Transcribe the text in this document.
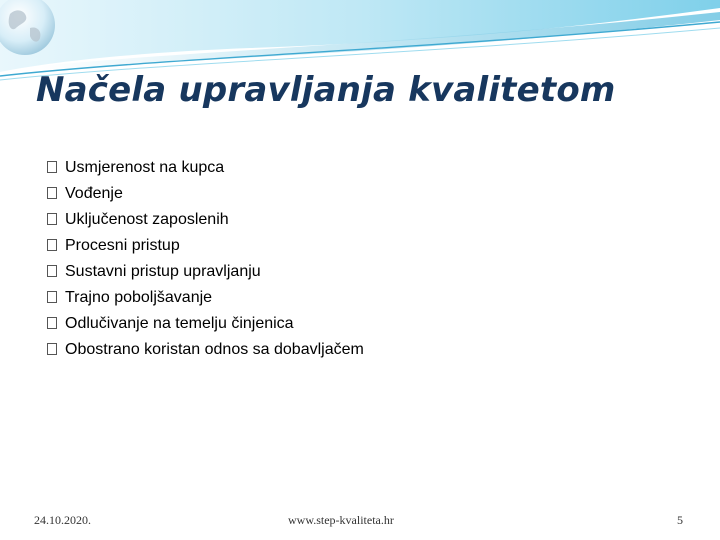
Načela upravljanja kvalitetom
Usmjerenost na kupca
Vođenje
Uključenost zaposlenih
Procesni pristup
Sustavni pristup upravljanju
Trajno poboljšavanje
Odlučivanje na temelju činjenica
Obostrano koristan odnos sa dobavljačem
24.10.2020.	www.step-kvaliteta.hr	5
